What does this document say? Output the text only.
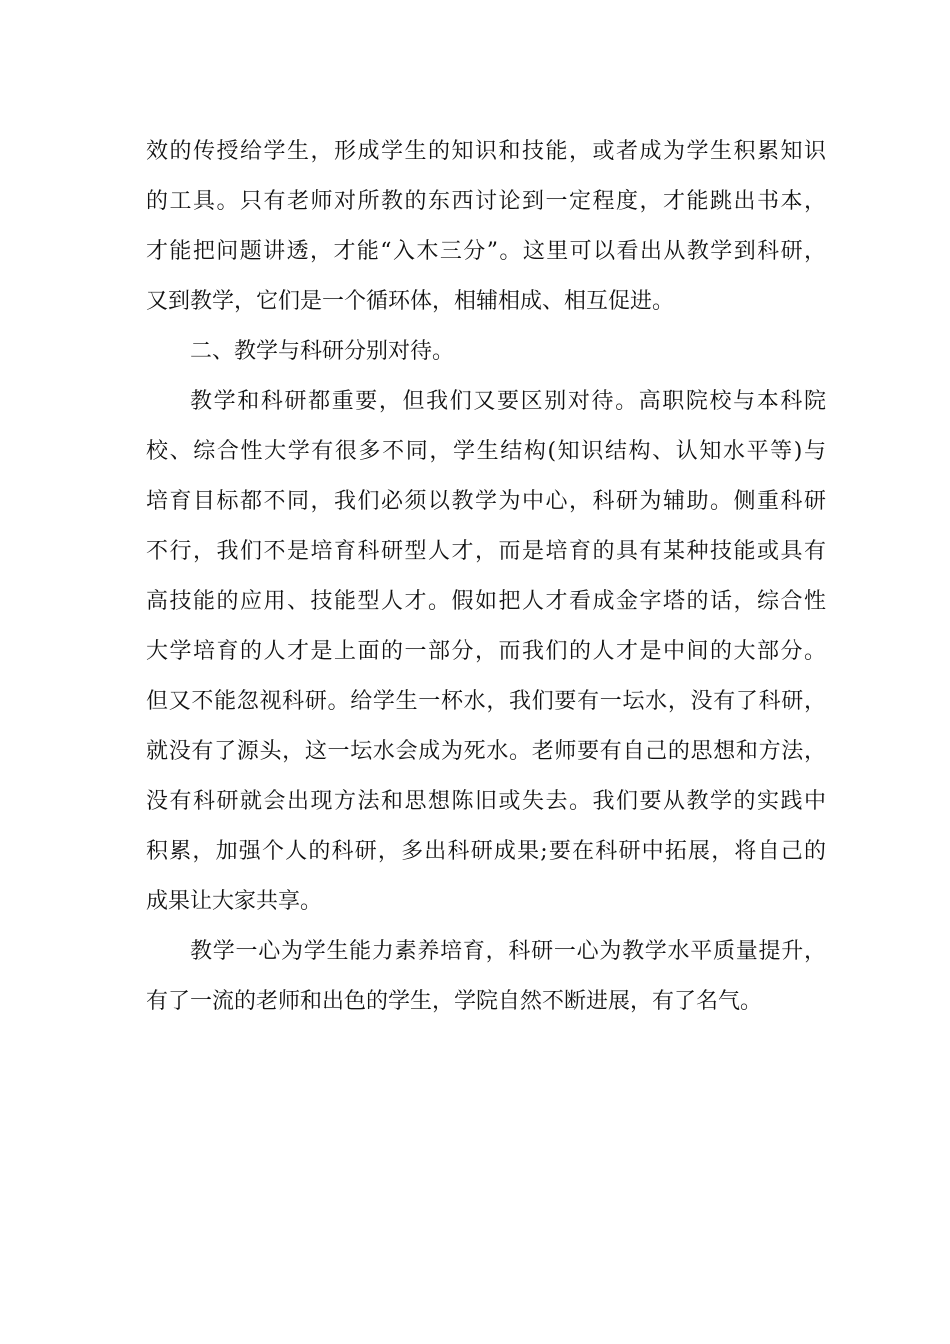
效的传授给学生，形成学生的知识和技能，或者成为学生积累知识
的工具。只有老师对所教的东西讨论到一定程度，才能跳出书本，
才能把问题讲透，才能“入木三分”。这里可以看出从教学到科研，
又到教学，它们是一个循环体，相辅相成、相互促进。
二、教学与科研分别对待。
教学和科研都重要，但我们又要区别对待。高职院校与本科院
校、综合性大学有很多不同，学生结构(知识结构、认知水平等)与
培育目标都不同，我们必须以教学为中心，科研为辅助。侧重科研
不行，我们不是培育科研型人才，而是培育的具有某种技能或具有
高技能的应用、技能型人才。假如把人才看成金字塔的话，综合性
大学培育的人才是上面的一部分，而我们的人才是中间的大部分。
但又不能忽视科研。给学生一杯水，我们要有一坛水，没有了科研，
就没有了源头，这一坛水会成为死水。老师要有自己的思想和方法，
没有科研就会出现方法和思想陈旧或失去。我们要从教学的实践中
积累，加强个人的科研，多出科研成果;要在科研中拓展，将自己的
成果让大家共享。
教学一心为学生能力素养培育，科研一心为教学水平质量提升，
有了一流的老师和出色的学生，学院自然不断进展，有了名气。
